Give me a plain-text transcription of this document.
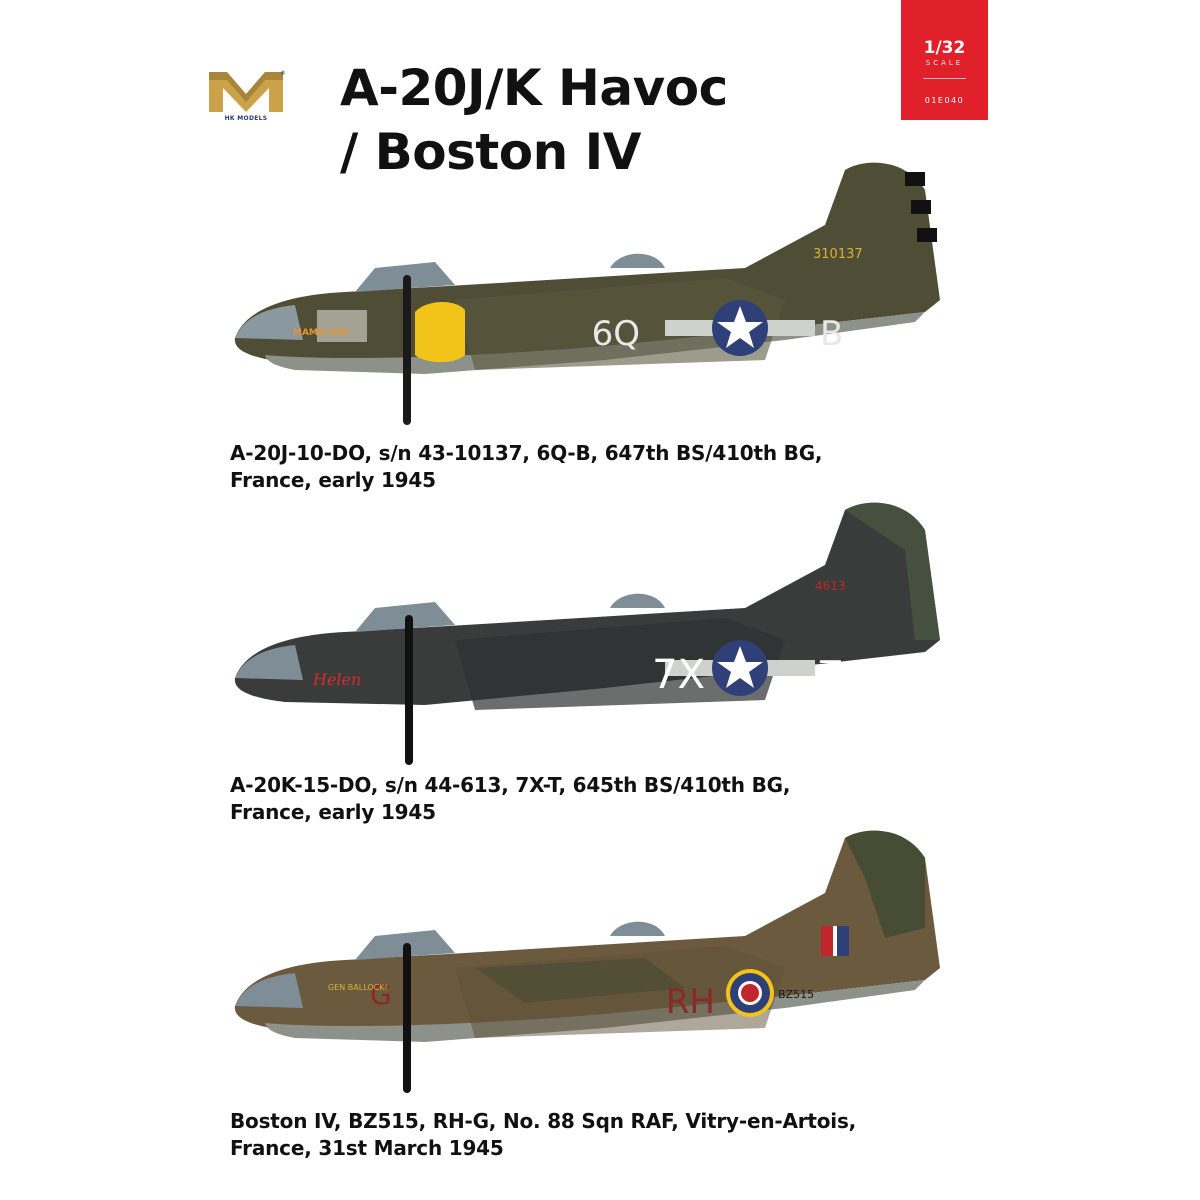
HK MODELS
® A-20J/K Havoc
/ Boston IV
1/32
SCALE
01E040
6Q	B
310137
MAMA LOU

A-20J-10-DO, s/n 43-10137, 6Q-B, 647th BS/410th BG,
France, early 1945

7X	T
4613
Helen

A-20K-15-DO, s/n 44-613, 7X-T, 645th BS/410th BG,
France, early 1945

RH
G	BZ515
GEN BALLOCK!

Boston IV, BZ515, RH-G, No. 88 Sqn RAF, Vitry-en-Artois,
France, 31st March 1945
